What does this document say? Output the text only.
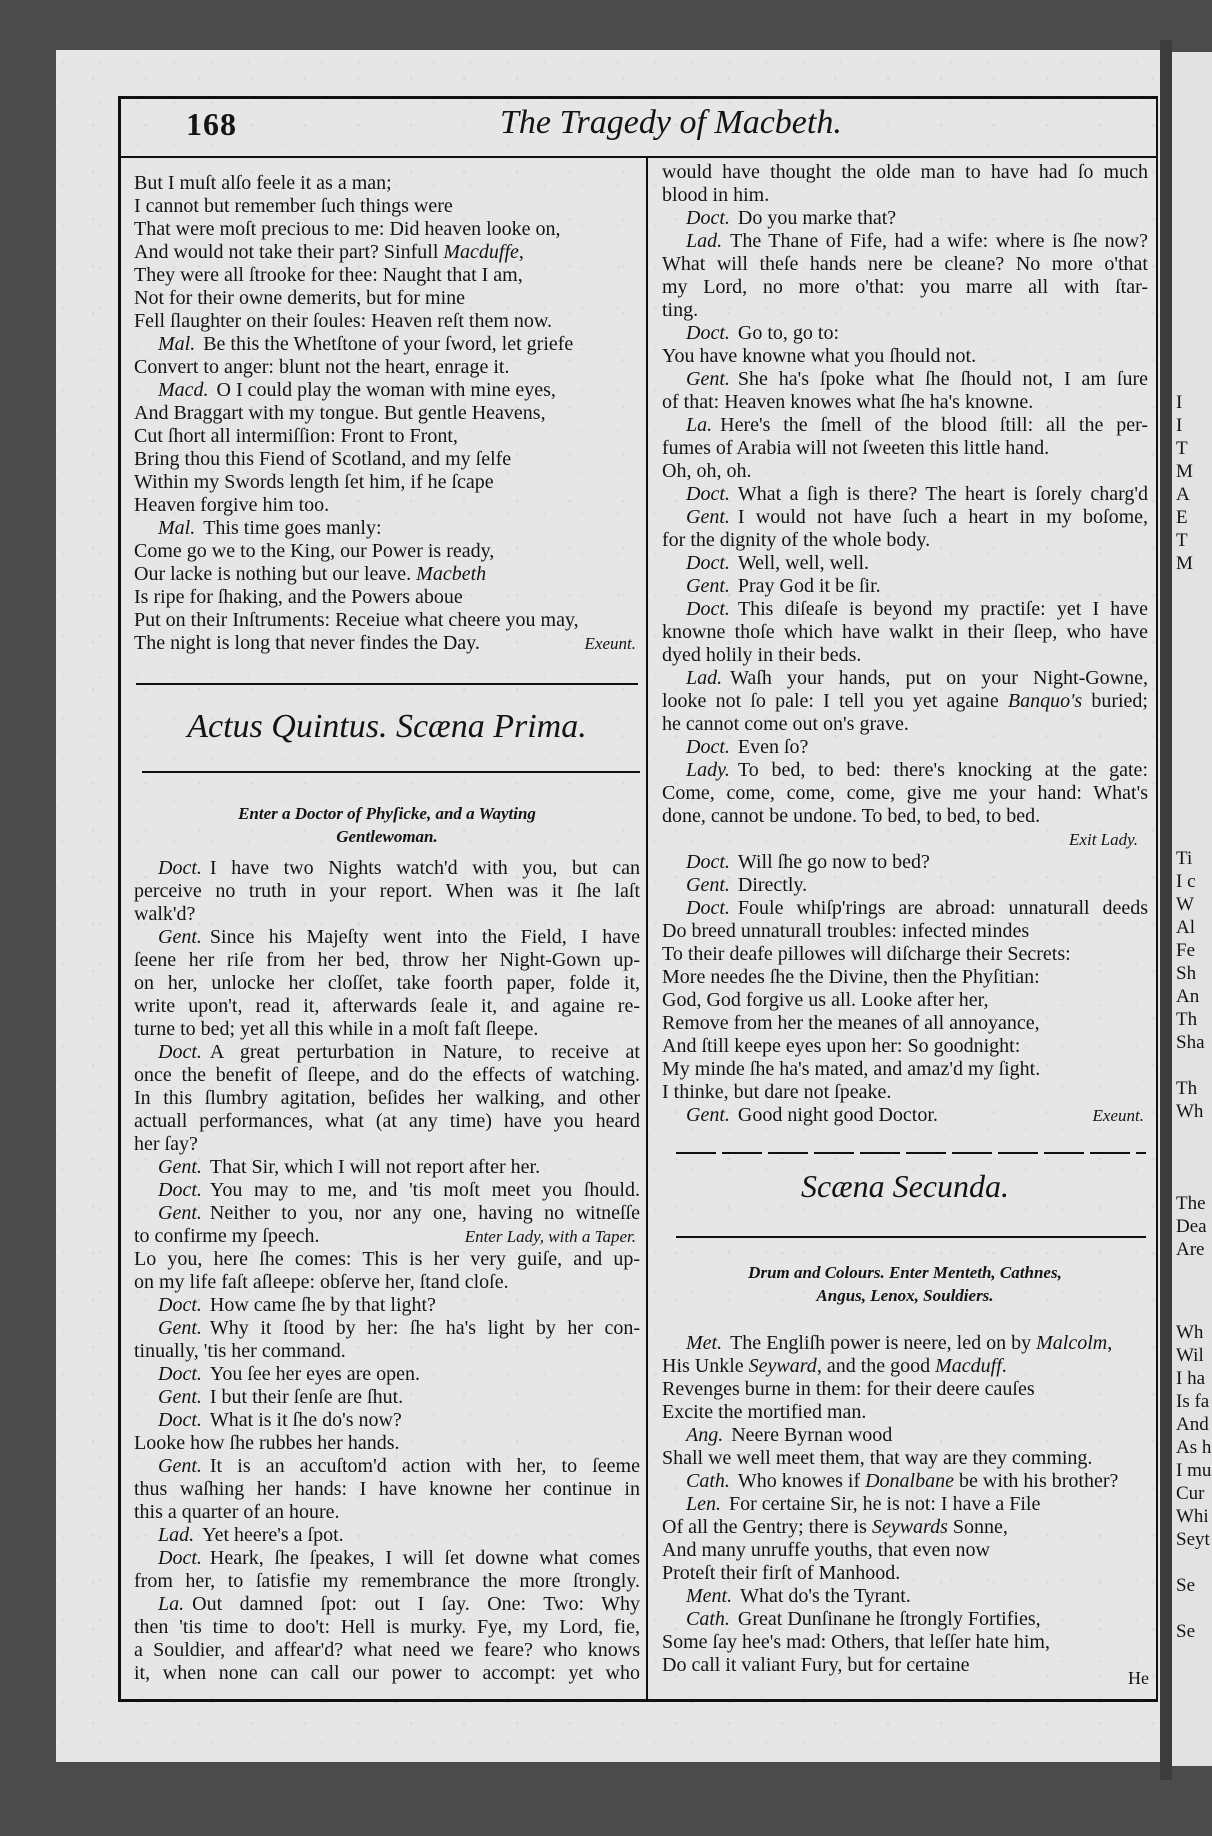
I
I
T
M
A
E
T
M
Ti
I c
W
Al
Fe
Sh
An
Th
Sha
Th
Wh
The
Dea
Are
Wh
Wil
I ha
Is fa
And
As h
I mu
Cur
Whi
Seyt
Se
Se
168	The Tragedy of Macbeth.
But I muſt alſo feele it as a man;
I cannot but remember ſuch things were
That were moſt precious to me: Did heaven looke on,
And would not take their part? Sinfull Macduffe,
They were all ſtrooke for thee: Naught that I am,
Not for their owne demerits, but for mine
Fell ſlaughter on their ſoules: Heaven reſt them now.
Mal. Be this the Whetſtone of your ſword, let griefe
Convert to anger: blunt not the heart, enrage it.
Macd. O I could play the woman with mine eyes,
And Braggart with my tongue. But gentle Heavens,
Cut ſhort all intermiſſion: Front to Front,
Bring thou this Fiend of Scotland, and my ſelfe
Within my Swords length ſet him, if he ſcape
Heaven forgive him too.
Mal. This time goes manly:
Come go we to the King, our Power is ready,
Our lacke is nothing but our leave. Macbeth
Is ripe for ſhaking, and the Powers aboue
Put on their Inſtruments: Receiue what cheere you may,
The night is long that never findes the Day.	Exeunt.
Actus Quintus. Scæna Prima.
Enter a Doctor of Phyſicke, and a Wayting
Gentlewoman.
Doct. I have two Nights watch'd with you, but can
perceive no truth in your report. When was it ſhe laſt
walk'd?
Gent. Since his Majeſty went into the Field, I have
ſeene her riſe from her bed, throw her Night-Gown up-
on her, unlocke her cloſſet, take foorth paper, folde it,
write upon't, read it, afterwards ſeale it, and againe re-
turne to bed; yet all this while in a moſt faſt ſleepe.
Doct. A great perturbation in Nature, to receive at
once the benefit of ſleepe, and do the effects of watching.
In this ſlumbry agitation, beſides her walking, and other
actuall performances, what (at any time) have you heard
her ſay?
Gent. That Sir, which I will not report after her.
Doct. You may to me, and 'tis moſt meet you ſhould.
Gent. Neither to you, nor any one, having no witneſſe
to confirme my ſpeech.	Enter Lady, with a Taper.
Lo you, here ſhe comes: This is her very guiſe, and up-
on my life faſt aſleepe: obſerve her, ſtand cloſe.
Doct. How came ſhe by that light?
Gent. Why it ſtood by her: ſhe ha's light by her con-
tinually, 'tis her command.
Doct. You ſee her eyes are open.
Gent. I but their ſenſe are ſhut.
Doct. What is it ſhe do's now?
Looke how ſhe rubbes her hands.
Gent. It is an accuſtom'd action with her, to ſeeme
thus waſhing her hands: I have knowne her continue in
this a quarter of an houre.
Lad. Yet heere's a ſpot.
Doct. Heark, ſhe ſpeakes, I will ſet downe what comes
from her, to ſatisfie my remembrance the more ſtrongly.
La. Out damned ſpot: out I ſay. One: Two: Why
then 'tis time to doo't: Hell is murky. Fye, my Lord, fie,
a Souldier, and affear'd? what need we feare? who knows
it, when none can call our power to accompt: yet who
would have thought the olde man to have had ſo much
blood in him.
Doct. Do you marke that?
Lad. The Thane of Fife, had a wife: where is ſhe now?
What will theſe hands nere be cleane? No more o'that
my Lord, no more o'that: you marre all with ſtar-
ting.
Doct. Go to, go to:
You have knowne what you ſhould not.
Gent. She ha's ſpoke what ſhe ſhould not, I am ſure
of that: Heaven knowes what ſhe ha's knowne.
La. Here's the ſmell of the blood ſtill: all the per-
fumes of Arabia will not ſweeten this little hand.
Oh, oh, oh.
Doct. What a ſigh is there? The heart is ſorely charg'd
Gent. I would not have ſuch a heart in my boſome,
for the dignity of the whole body.
Doct. Well, well, well.
Gent. Pray God it be ſir.
Doct. This diſeaſe is beyond my practiſe: yet I have
knowne thoſe which have walkt in their ſleep, who have
dyed holily in their beds.
Lad. Waſh your hands, put on your Night-Gowne,
looke not ſo pale: I tell you yet againe Banquo's buried;
he cannot come out on's grave.
Doct. Even ſo?
Lady. To bed, to bed: there's knocking at the gate:
Come, come, come, come, give me your hand: What's
done, cannot be undone. To bed, to bed, to bed.
Exit Lady.
Doct. Will ſhe go now to bed?
Gent. Directly.
Doct. Foule whiſp'rings are abroad: unnaturall deeds
Do breed unnaturall troubles: infected mindes
To their deafe pillowes will diſcharge their Secrets:
More needes ſhe the Divine, then the Phyſitian:
God, God forgive us all. Looke after her,
Remove from her the meanes of all annoyance,
And ſtill keepe eyes upon her: So goodnight:
My minde ſhe ha's mated, and amaz'd my ſight.
I thinke, but dare not ſpeake.
Gent. Good night good Doctor.	Exeunt.
Scæna Secunda.
Drum and Colours. Enter Menteth, Cathnes,
Angus, Lenox, Souldiers.
Met. The Engliſh power is neere, led on by Malcolm,
His Unkle Seyward, and the good Macduff.
Revenges burne in them: for their deere cauſes
Excite the mortified man.
Ang. Neere Byrnan wood
Shall we well meet them, that way are they comming.
Cath. Who knowes if Donalbane be with his brother?
Len. For certaine Sir, he is not: I have a File
Of all the Gentry; there is Seywards Sonne,
And many unruffe youths, that even now
Proteſt their firſt of Manhood.
Ment. What do's the Tyrant.
Cath. Great Dunſinane he ſtrongly Fortifies,
Some ſay hee's mad: Others, that leſſer hate him,
Do call it valiant Fury, but for certaine
He
